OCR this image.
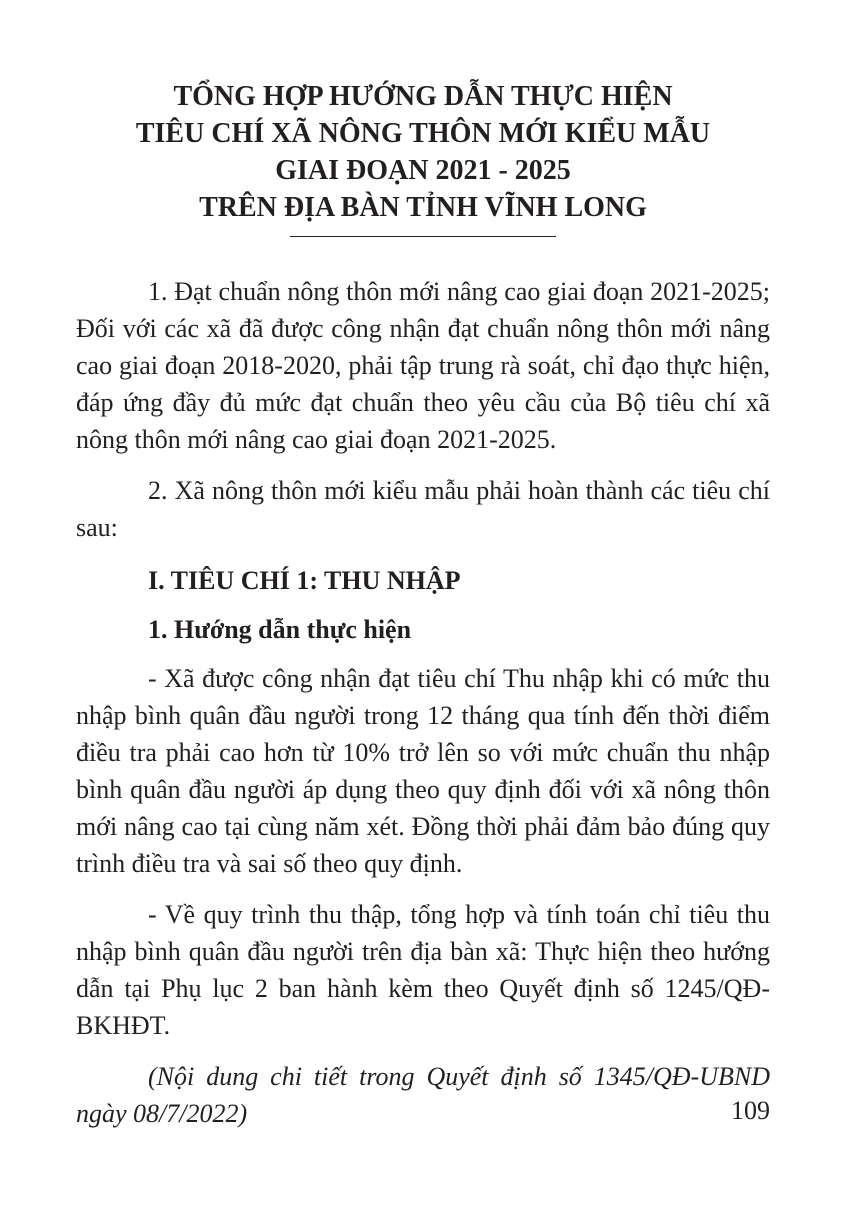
TỔNG HỢP HƯỚNG DẪN THỰC HIỆN
TIÊU CHÍ XÃ NÔNG THÔN MỚI KIỂU MẪU
GIAI ĐOẠN 2021 - 2025
TRÊN ĐỊA BÀN TỈNH VĨNH LONG

1. Đạt chuẩn nông thôn mới nâng cao giai đoạn 2021-2025; Đối với các xã đã được công nhận đạt chuẩn nông thôn mới nâng cao giai đoạn 2018-2020, phải tập trung rà soát, chỉ đạo thực hiện, đáp ứng đầy đủ mức đạt chuẩn theo yêu cầu của Bộ tiêu chí xã nông thôn mới nâng cao giai đoạn 2021-2025.

2. Xã nông thôn mới kiểu mẫu phải hoàn thành các tiêu chí sau:

I. TIÊU CHÍ 1: THU NHẬP

1. Hướng dẫn thực hiện

- Xã được công nhận đạt tiêu chí Thu nhập khi có mức thu nhập bình quân đầu người trong 12 tháng qua tính đến thời điểm điều tra phải cao hơn từ 10% trở lên so với mức chuẩn thu nhập bình quân đầu người áp dụng theo quy định đối với xã nông thôn mới nâng cao tại cùng năm xét. Đồng thời phải đảm bảo đúng quy trình điều tra và sai số theo quy định.

- Về quy trình thu thập, tổng hợp và tính toán chỉ tiêu thu nhập bình quân đầu người trên địa bàn xã: Thực hiện theo hướng dẫn tại Phụ lục 2 ban hành kèm theo Quyết định số 1245/QĐ-BKHĐT.

(Nội dung chi tiết trong Quyết định số 1345/QĐ-UBND ngày 08/7/2022)	109
